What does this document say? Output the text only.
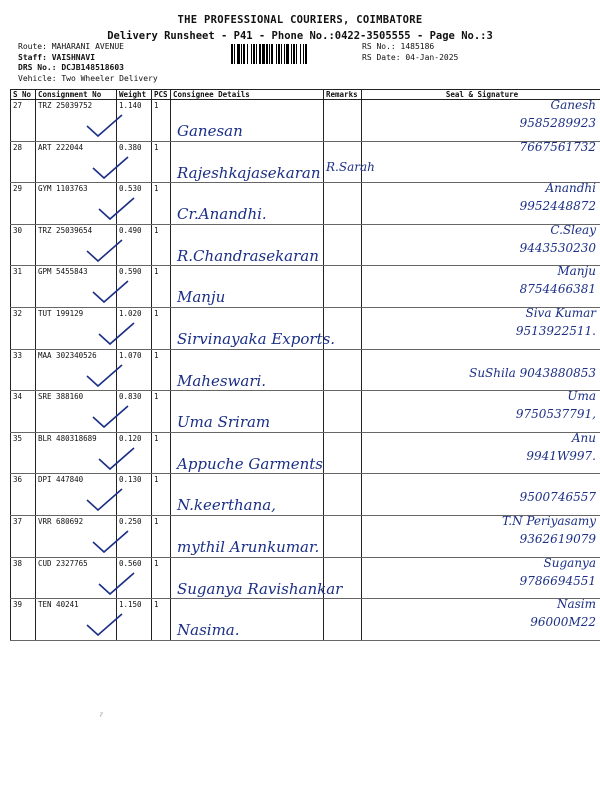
THE PROFESSIONAL COURIERS, COIMBATORE
Delivery Runsheet - P41 - Phone No.:0422-3505555 - Page No.:3
Route: MAHARANI AVENUE
Staff: VAISHNAVI
DRS No.: DCJB148518603
Vehicle: Two Wheeler Delivery
RS No.: 1485186
RS Date: 04-Jan-2025
S No	Consignment No	Weight	PCS	Consignee Details	Remarks	Seal & Signature
27	TRZ 25039752	1.140	1	Ganesan		Ganesh
9585289923

28	ART 222044	0.380	1	Rajeshkajasekaran	R.Sarah	7667561732

29	GYM 1103763	0.530	1	Cr.Anandhi.		Anandhi
9952448872

30	TRZ 25039654	0.490	1	R.Chandrasekaran		C.Sleay
9443530230

31	GPM 5455843	0.590	1	Manju		Manju
8754466381

32	TUT 199129	1.020	1	Sirvinayaka Exports.		Siva Kumar
9513922511.

33	MAA 302340526	1.070	1	Maheswari.		SuShila 9043880853

34	SRE 388160	0.830	1	Uma Sriram		Uma
9750537791,

35	BLR 480318689	0.120	1	Appuche Garments		Anu
9941W997.

36	DPI 447840	0.130	1	N.keerthana,		9500746557

37	VRR 680692	0.250	1	mythil Arunkumar.		T.N Periyasamy
9362619079

38	CUD 2327765	0.560	1	Suganya Ravishankar		Suganya
9786694551

39	TEN 40241	1.150	1	Nasima.		Nasim
96000M22
ˀ
